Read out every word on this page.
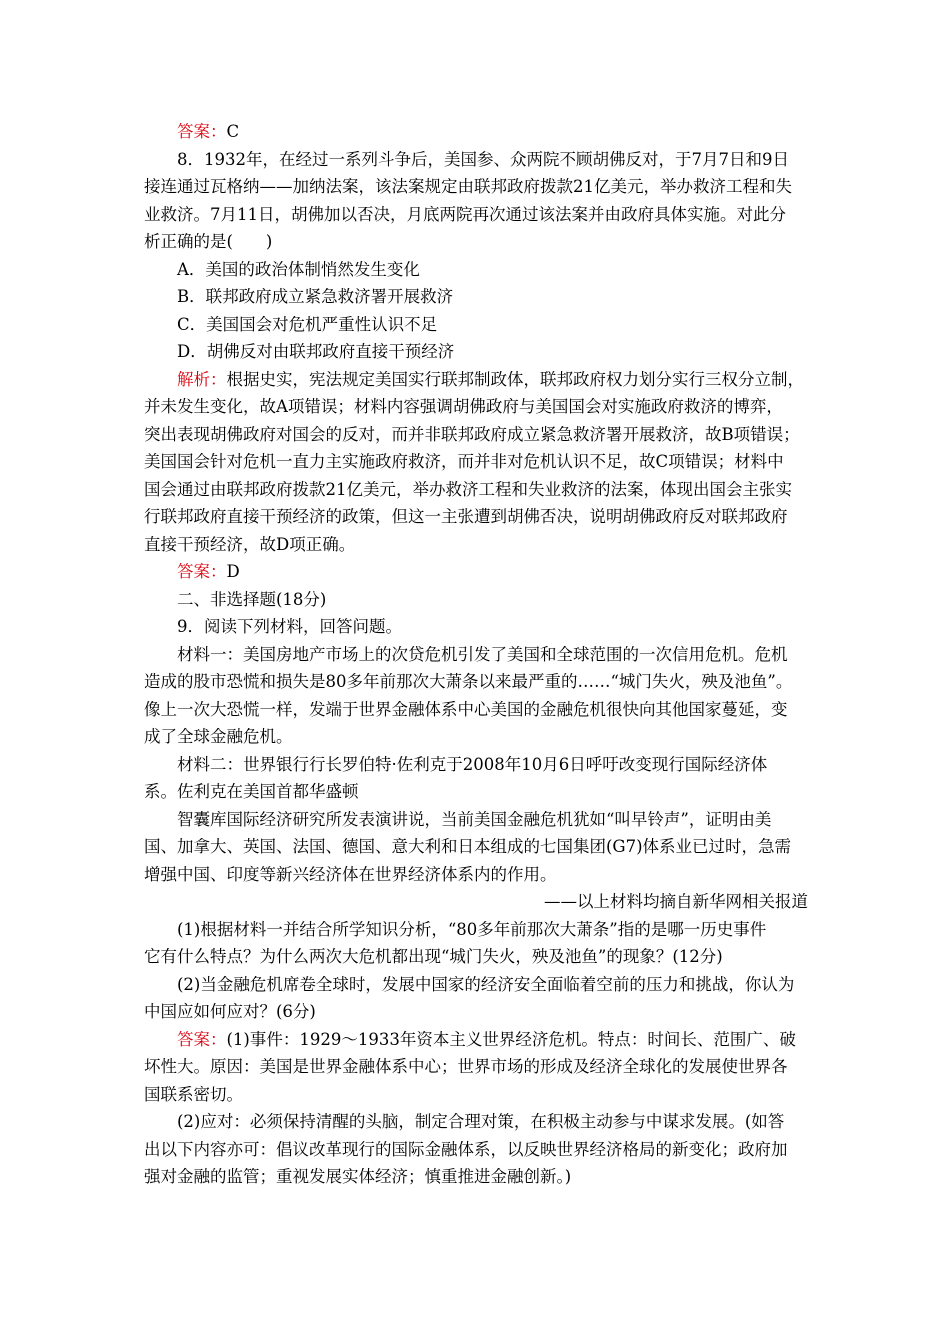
答案：C
8．1932年，在经过一系列斗争后，美国参、众两院不顾胡佛反对，于7月7日和9日
接连通过瓦格纳——加纳法案，该法案规定由联邦政府拨款21亿美元，举办救济工程和失
业救济。7月11日，胡佛加以否决，月底两院再次通过该法案并由政府具体实施。对此分
析正确的是(　　)
A．美国的政治体制悄然发生变化
B．联邦政府成立紧急救济署开展救济
C．美国国会对危机严重性认识不足
D．胡佛反对由联邦政府直接干预经济
解析：根据史实，宪法规定美国实行联邦制政体，联邦政府权力划分实行三权分立制，
并未发生变化，故A项错误；材料内容强调胡佛政府与美国国会对实施政府救济的博弈，
突出表现胡佛政府对国会的反对，而并非联邦政府成立紧急救济署开展救济，故B项错误；
美国国会针对危机一直力主实施政府救济，而并非对危机认识不足，故C项错误；材料中
国会通过由联邦政府拨款21亿美元，举办救济工程和失业救济的法案，体现出国会主张实
行联邦政府直接干预经济的政策，但这一主张遭到胡佛否决，说明胡佛政府反对联邦政府
直接干预经济，故D项正确。
答案：D
二、非选择题(18分)
9．阅读下列材料，回答问题。
材料一：美国房地产市场上的次贷危机引发了美国和全球范围的一次信用危机。危机
造成的股市恐慌和损失是80多年前那次大萧条以来最严重的……“城门失火，殃及池鱼”。
像上一次大恐慌一样，发端于世界金融体系中心美国的金融危机很快向其他国家蔓延，变
成了全球金融危机。
材料二：世界银行行长罗伯特·佐利克于2008年10月6日呼吁改变现行国际经济体
系。佐利克在美国首都华盛顿
智囊库国际经济研究所发表演讲说，当前美国金融危机犹如“叫早铃声”，证明由美
国、加拿大、英国、法国、德国、意大利和日本组成的七国集团(G7)体系业已过时，急需
增强中国、印度等新兴经济体在世界经济体系内的作用。
——以上材料均摘自新华网相关报道
(1)根据材料一并结合所学知识分析，“80多年前那次大萧条”指的是哪一历史事件
它有什么特点？为什么两次大危机都出现“城门失火，殃及池鱼”的现象？(12分)
(2)当金融危机席卷全球时，发展中国家的经济安全面临着空前的压力和挑战，你认为
中国应如何应对？(6分)
答案：(1)事件：1929～1933年资本主义世界经济危机。特点：时间长、范围广、破
坏性大。原因：美国是世界金融体系中心；世界市场的形成及经济全球化的发展使世界各
国联系密切。
(2)应对：必须保持清醒的头脑，制定合理对策，在积极主动参与中谋求发展。(如答
出以下内容亦可：倡议改革现行的国际金融体系，以反映世界经济格局的新变化；政府加
强对金融的监管；重视发展实体经济；慎重推进金融创新。)
